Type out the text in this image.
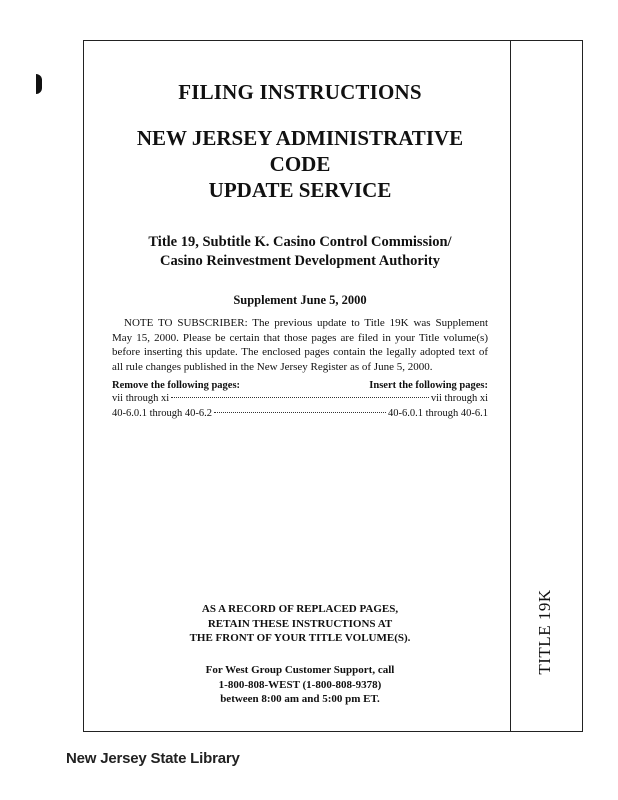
FILING INSTRUCTIONS
NEW JERSEY ADMINISTRATIVE CODE
UPDATE SERVICE
Title 19, Subtitle K. Casino Control Commission/
Casino Reinvestment Development Authority
Supplement June 5, 2000

NOTE TO SUBSCRIBER: The previous update to Title 19K was Supplement May 15, 2000. Please be certain that those pages are filed in your Title volume(s) before inserting this update. The enclosed pages contain the legally adopted text of all rule changes published in the New Jersey Register as of June 5, 2000.

Remove the following pages:	Insert the following pages:
vii through xi	vii through xi
40-6.0.1 through 40-6.2	40-6.0.1 through 40-6.1
AS A RECORD OF REPLACED PAGES,
RETAIN THESE INSTRUCTIONS AT
THE FRONT OF YOUR TITLE VOLUME(S).
For West Group Customer Support, call
1-800-808-WEST (1-800-808-9378)
between 8:00 am and 5:00 pm ET.
TITLE 19K
New Jersey State Library
